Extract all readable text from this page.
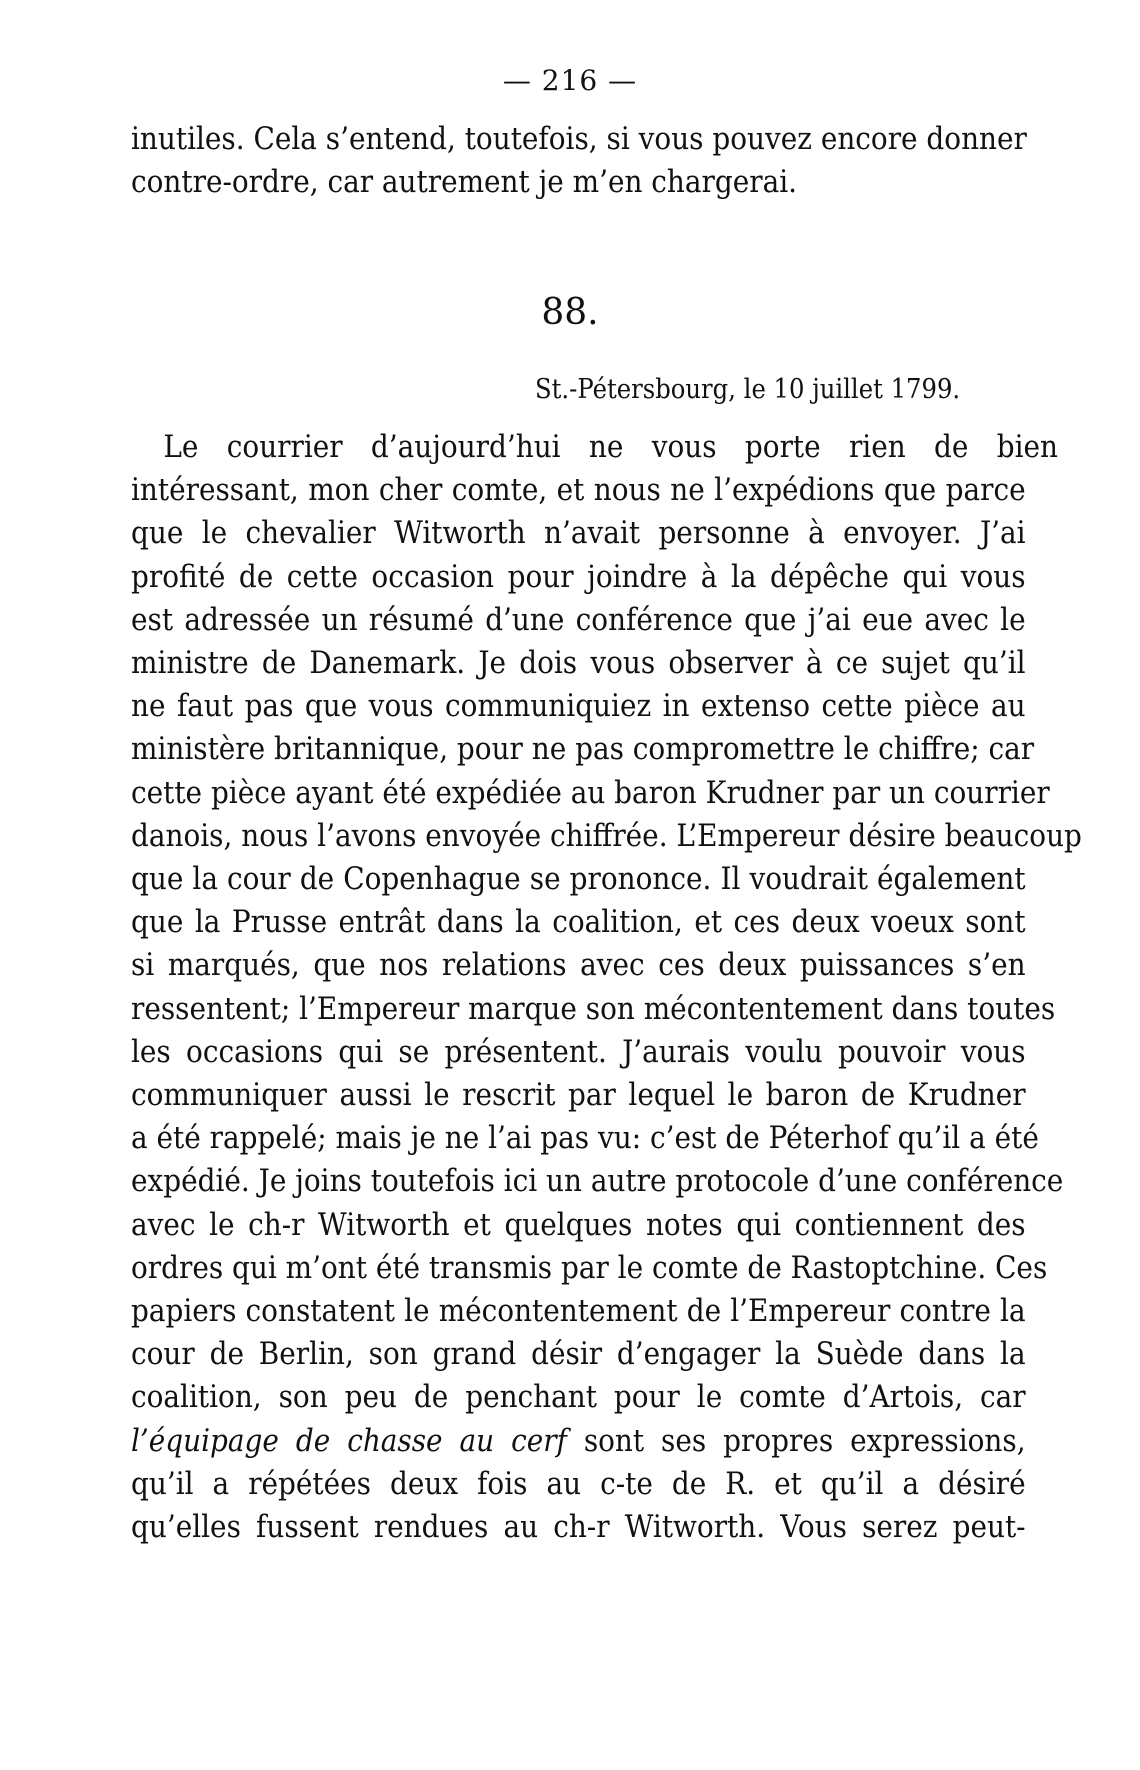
— 216 —
inutiles. Cela s’entend, toutefois, si vous pouvez encore donner
contre-ordre, car autrement je m’en chargerai.
88.
St.-Pétersbourg, le 10 juillet 1799.
Le courrier d’aujourd’hui ne vous porte rien de bien
intéressant, mon cher comte, et nous ne l’expédions que parce
que le chevalier Witworth n’avait personne à envoyer. J’ai
profité de cette occasion pour joindre à la dépêche qui vous
est adressée un résumé d’une conférence que j’ai eue avec le
ministre de Danemark. Je dois vous observer à ce sujet qu’il
ne faut pas que vous communiquiez in extenso cette pièce au
ministère britannique, pour ne pas compromettre le chiffre; car
cette pièce ayant été expédiée au baron Krudner par un courrier
danois, nous l’avons envoyée chiffrée. L’Empereur désire beaucoup
que la cour de Copenhague se prononce. Il voudrait également
que la Prusse entrât dans la coalition, et ces deux voeux sont
si marqués, que nos relations avec ces deux puissances s’en
ressentent; l’Empereur marque son mécontentement dans toutes
les occasions qui se présentent. J’aurais voulu pouvoir vous
communiquer aussi le rescrit par lequel le baron de Krudner
a été rappelé; mais je ne l’ai pas vu: c’est de Péterhof qu’il a été
expédié. Je joins toutefois ici un autre protocole d’une conférence
avec le ch-r Witworth et quelques notes qui contiennent des
ordres qui m’ont été transmis par le comte de Rastoptchine. Ces
papiers constatent le mécontentement de l’Empereur contre la
cour de Berlin, son grand désir d’engager la Suède dans la
coalition, son peu de penchant pour le comte d’Artois, car
l’équipage de chasse au cerf sont ses propres expressions,
qu’il a répétées deux fois au c-te de R. et qu’il a désiré
qu’elles fussent rendues au ch-r Witworth. Vous serez peut-
